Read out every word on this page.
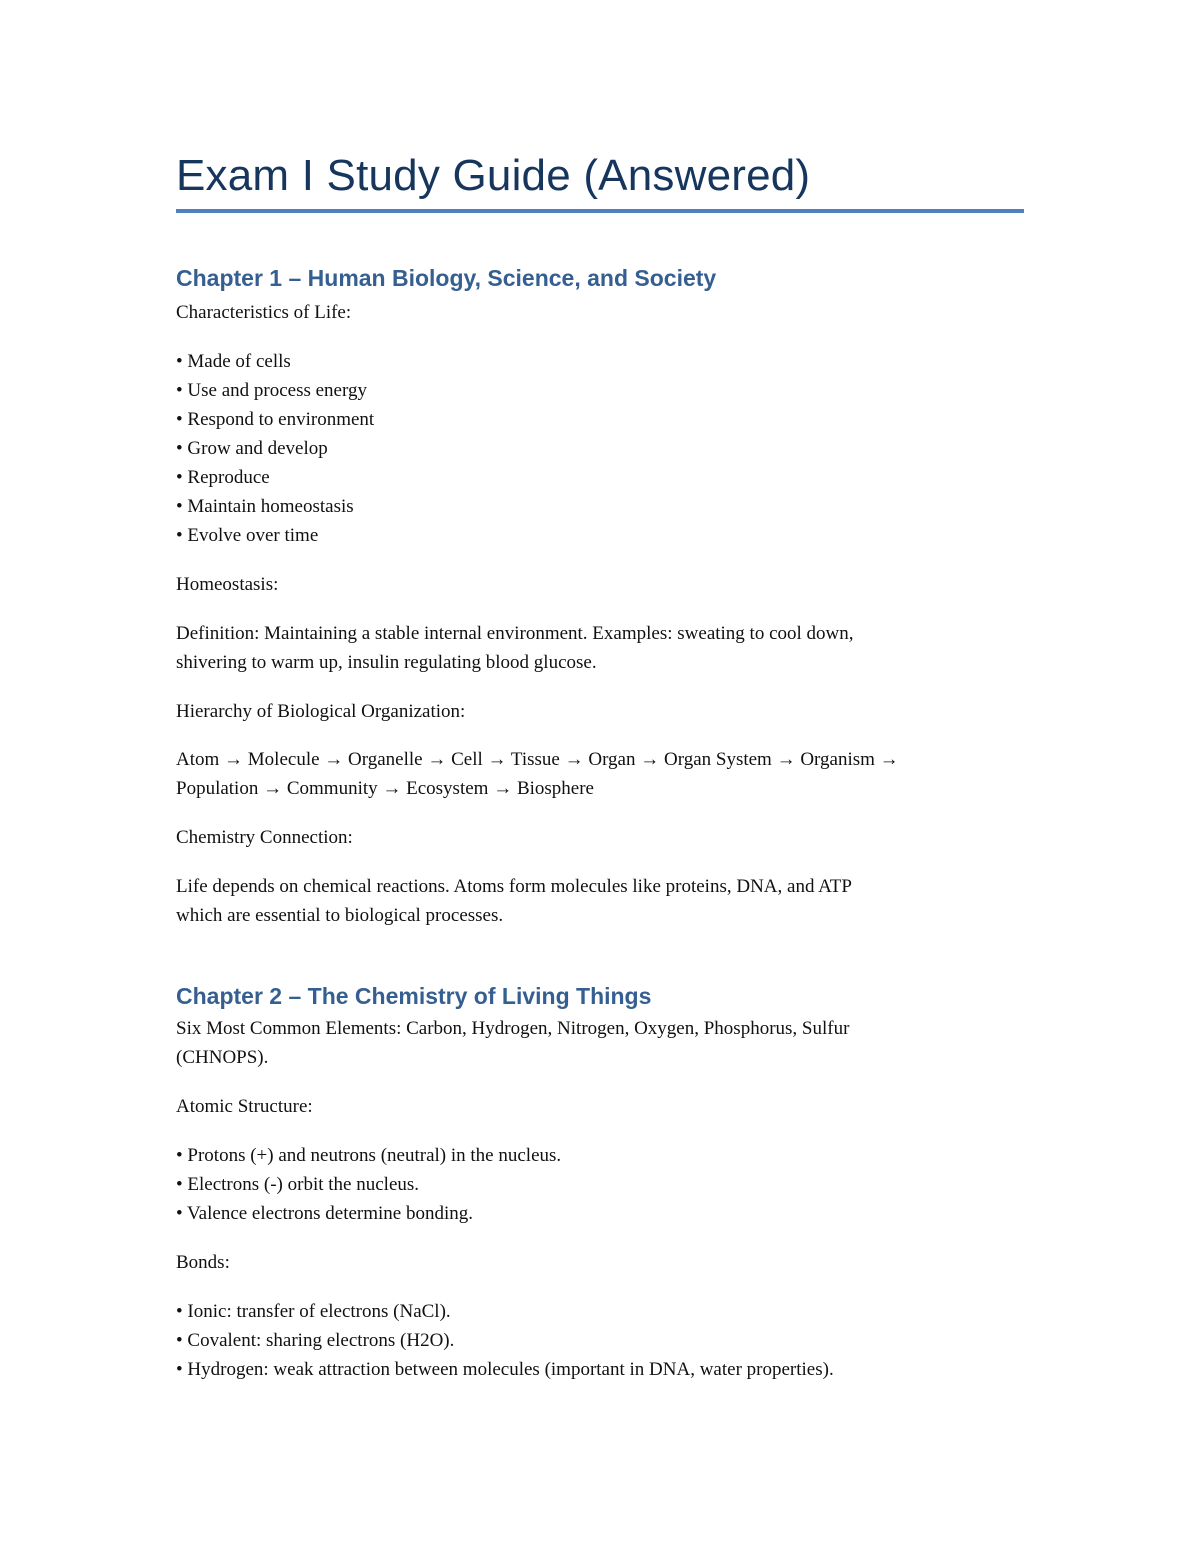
Exam I Study Guide (Answered)
Chapter 1 – Human Biology, Science, and Society
Characteristics of Life:
• Made of cells
• Use and process energy
• Respond to environment
• Grow and develop
• Reproduce
• Maintain homeostasis
• Evolve over time
Homeostasis:
Definition: Maintaining a stable internal environment. Examples: sweating to cool down,
shivering to warm up, insulin regulating blood glucose.
Hierarchy of Biological Organization:
Atom → Molecule → Organelle → Cell → Tissue → Organ → Organ System → Organism →
Population → Community → Ecosystem → Biosphere
Chemistry Connection:
Life depends on chemical reactions. Atoms form molecules like proteins, DNA, and ATP
which are essential to biological processes.
Chapter 2 – The Chemistry of Living Things
Six Most Common Elements: Carbon, Hydrogen, Nitrogen, Oxygen, Phosphorus, Sulfur
(CHNOPS).
Atomic Structure:
• Protons (+) and neutrons (neutral) in the nucleus.
• Electrons (-) orbit the nucleus.
• Valence electrons determine bonding.
Bonds:
• Ionic: transfer of electrons (NaCl).
• Covalent: sharing electrons (H2O).
• Hydrogen: weak attraction between molecules (important in DNA, water properties).
